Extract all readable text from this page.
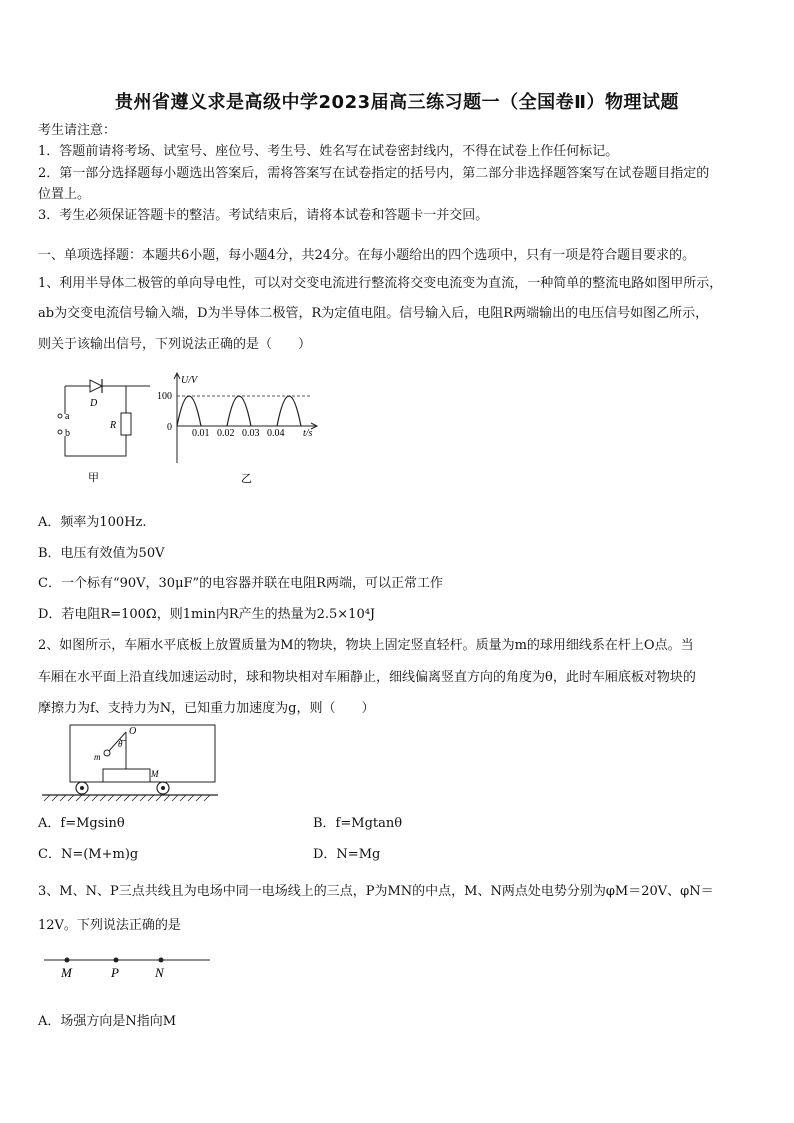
贵州省遵义求是高级中学2023届高三练习题一（全国卷Ⅱ）物理试题
考生请注意：
1．答题前请将考场、试室号、座位号、考生号、姓名写在试卷密封线内，不得在试卷上作任何标记。
2．第一部分选择题每小题选出答案后，需将答案写在试卷指定的括号内，第二部分非选择题答案写在试卷题目指定的
位置上。
3．考生必须保证答题卡的整洁。考试结束后，请将本试卷和答题卡一并交回。
一、单项选择题：本题共6小题，每小题4分，共24分。在每小题给出的四个选项中，只有一项是符合题目要求的。
1、利用半导体二极管的单向导电性，可以对交变电流进行整流将交变电流变为直流，一种简单的整流电路如图甲所示，
ab为交变电流信号输入端，D为半导体二极管，R为定值电阻。信号输入后，电阻R两端输出的电压信号如图乙所示，
则关于该输出信号，下列说法正确的是（　　）
D
a
b
R
甲
U/V
100
0
0.01 0.02 0.03 0.04 t/s
乙
A．频率为100Hz.
B．电压有效值为50V
C．一个标有“90V，30μF”的电容器并联在电阻R两端，可以正常工作
D．若电阻R=100Ω，则1min内R产生的热量为2.5×10⁴J
2、如图所示，车厢水平底板上放置质量为M的物块，物块上固定竖直轻杆。质量为m的球用细线系在杆上O点。当
车厢在水平面上沿直线加速运动时，球和物块相对车厢静止，细线偏离竖直方向的角度为θ，此时车厢底板对物块的
摩擦力为f、支持力为N，已知重力加速度为g，则（　　）
O
θ
m
M
A．f=Mgsinθ	B．f=Mgtanθ
C．N=(M+m)g	D．N=Mg
3、M、N、P三点共线且为电场中同一电场线上的三点，P为MN的中点，M、N两点处电势分别为φM＝20V、φN＝
12V。下列说法正确的是
M	P	N
A．场强方向是N指向M
